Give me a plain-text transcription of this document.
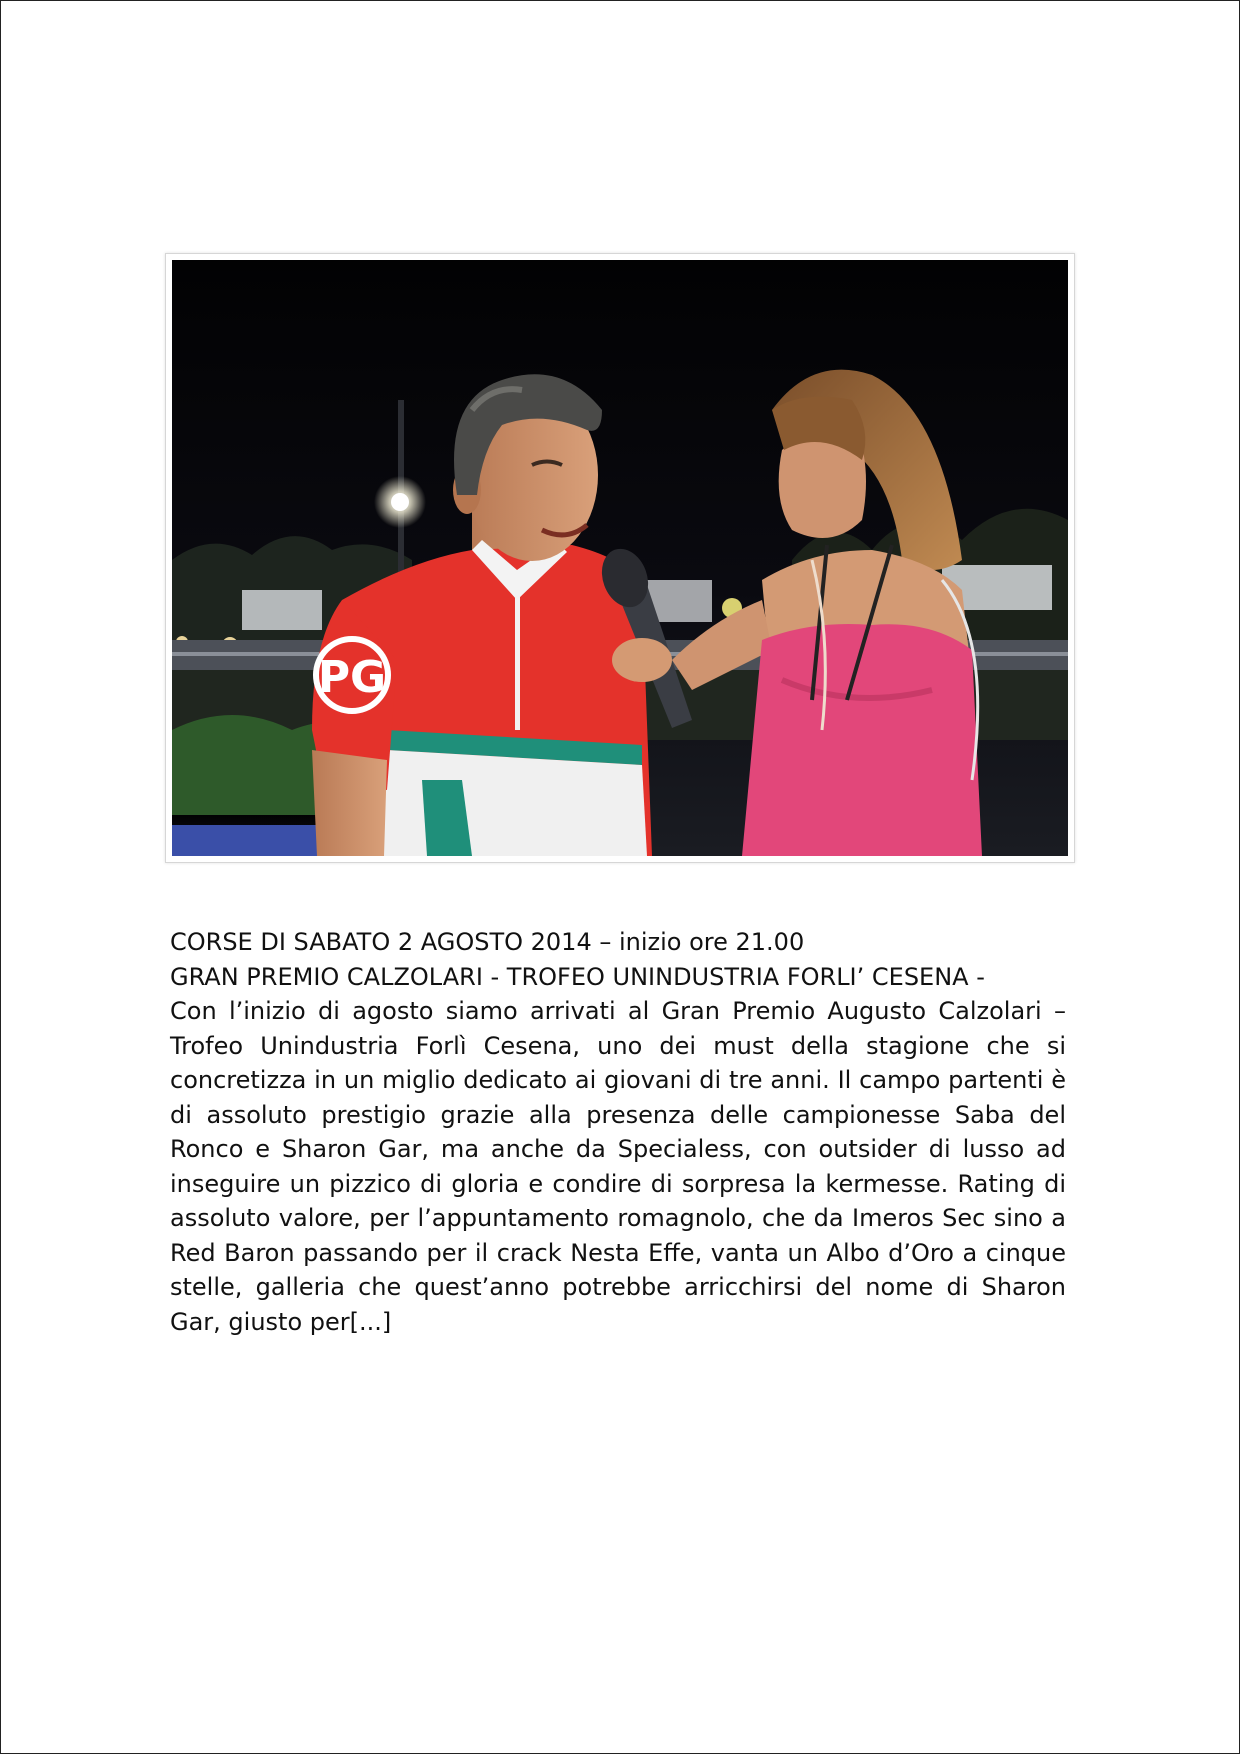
PG
CORSE DI SABATO 2 AGOSTO 2014 – inizio ore 21.00
GRAN PREMIO CALZOLARI - TROFEO UNINDUSTRIA FORLI’ CESENA -

Con l’inizio di agosto siamo arrivati al Gran Premio Augusto Calzolari – Trofeo Unindustria Forlì Cesena, uno dei must della stagione che si concretizza in un miglio dedicato ai giovani di tre anni. Il campo partenti è di assoluto prestigio grazie alla presenza delle campionesse Saba del Ronco e Sharon Gar, ma anche da Specialess, con outsider di lusso ad inseguire un pizzico di gloria e condire di sorpresa la kermesse. Rating di assoluto valore, per l’appuntamento romagnolo, che da Imeros Sec sino a Red Baron passando per il crack Nesta Effe, vanta un Albo d’Oro a cinque stelle, galleria che quest’anno potrebbe arricchirsi del nome di Sharon Gar, giusto per[...]
